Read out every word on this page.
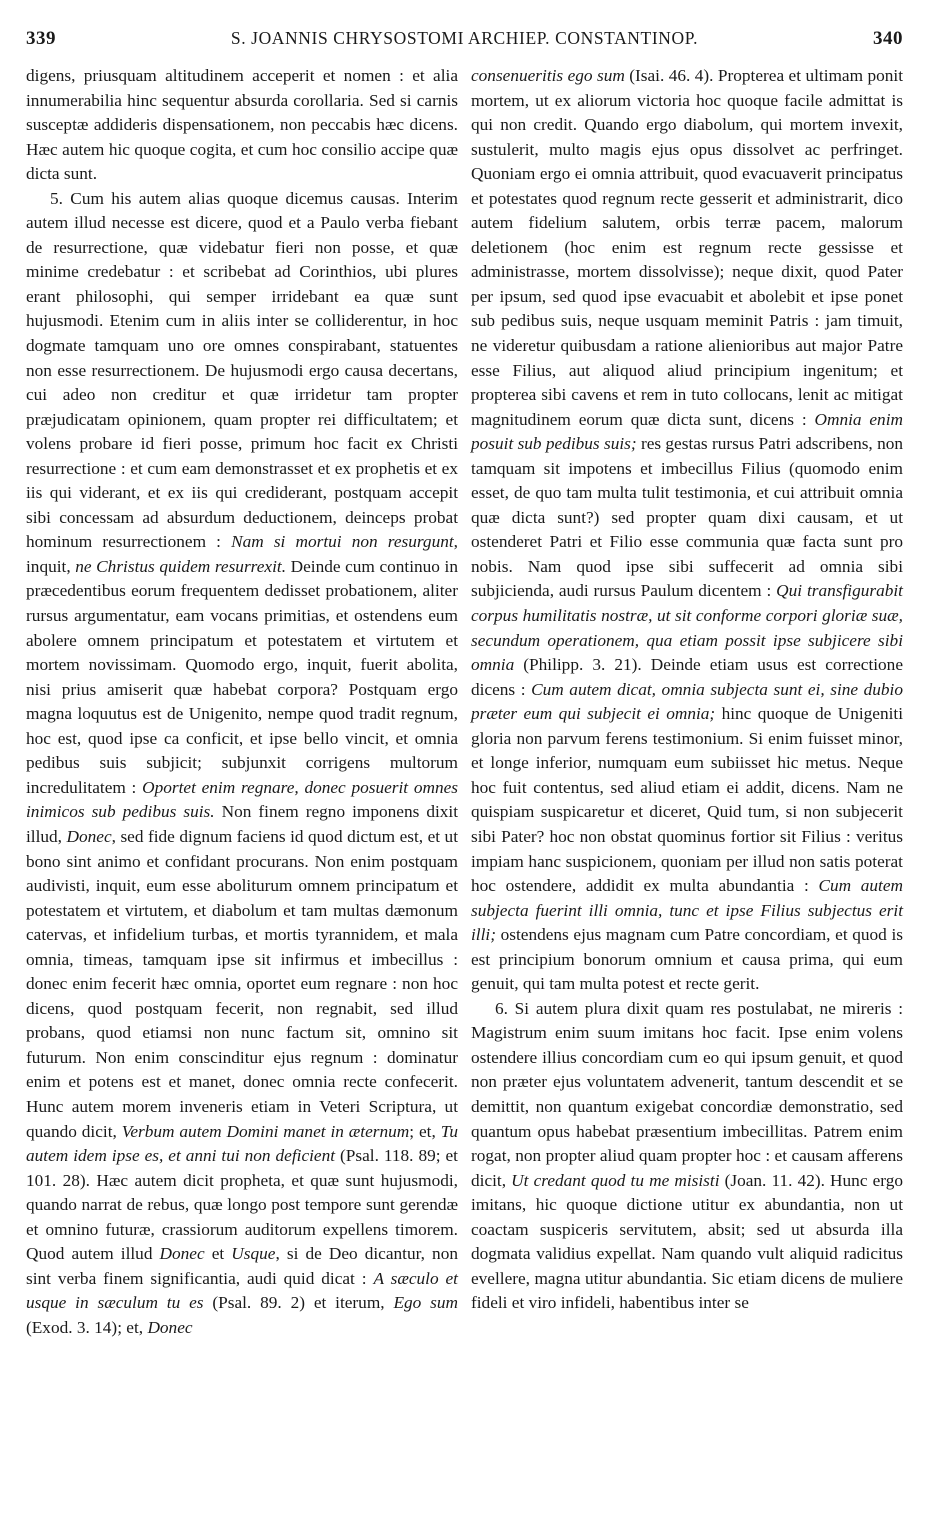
339	S. JOANNIS CHRYSOSTOMI ARCHIEP. CONSTANTINOP.	340

digens, priusquam altitudinem acceperit et nomen : et alia innumerabilia hinc sequentur absurda corollaria. Sed si carnis susceptæ addideris dispensationem, non peccabis hæc dicens. Hæc autem hic quoque cogita, et cum hoc consilio accipe quæ dicta sunt.

5. Cum his autem alias quoque dicemus causas. Interim autem illud necesse est dicere, quod et a Paulo verba fiebant de resurrectione, quæ videbatur fieri non posse, et quæ minime credebatur : et scribebat ad Corinthios, ubi plures erant philosophi, qui semper irridebant ea quæ sunt hujusmodi. Etenim cum in aliis inter se colliderentur, in hoc dogmate tamquam uno ore omnes conspirabant, statuentes non esse resurrectionem. De hujusmodi ergo causa decertans, cui adeo non creditur et quæ irridetur tam propter præjudicatam opinionem, quam propter rei difficultatem; et volens probare id fieri posse, primum hoc facit ex Christi resurrectione : et cum eam demonstrasset et ex prophetis et ex iis qui viderant, et ex iis qui crediderant, postquam accepit sibi concessam ad absurdum deductionem, deinceps probat hominum resurrectionem : Nam si mortui non resurgunt, inquit, ne Christus quidem resurrexit. Deinde cum continuo in præcedentibus eorum frequentem dedisset probationem, aliter rursus argumentatur, eam vocans primitias, et ostendens eum abolere omnem principatum et potestatem et virtutem et mortem novissimam. Quomodo ergo, inquit, fuerit abolita, nisi prius amiserit quæ habebat corpora? Postquam ergo magna loquutus est de Unigenito, nempe quod tradit regnum, hoc est, quod ipse ca conficit, et ipse bello vincit, et omnia pedibus suis subjicit; subjunxit corrigens multorum incredulitatem : Oportet enim regnare, donec posuerit omnes inimicos sub pedibus suis. Non finem regno imponens dixit illud, Donec, sed fide dignum faciens id quod dictum est, et ut bono sint animo et confidant procurans. Non enim postquam audivisti, inquit, eum esse aboliturum omnem principatum et potestatem et virtutem, et diabolum et tam multas dæmonum catervas, et infidelium turbas, et mortis tyrannidem, et mala omnia, timeas, tamquam ipse sit infirmus et imbecillus : donec enim fecerit hæc omnia, oportet eum regnare : non hoc dicens, quod postquam fecerit, non regnabit, sed illud probans, quod etiamsi non nunc factum sit, omnino sit futurum. Non enim conscinditur ejus regnum : dominatur enim et potens est et manet, donec omnia recte confecerit. Hunc autem morem inveneris etiam in Veteri Scriptura, ut quando dicit, Verbum autem Domini manet in æternum; et, Tu autem idem ipse es, et anni tui non deficient (Psal. 118. 89; et 101. 28). Hæc autem dicit propheta, et quæ sunt hujusmodi, quando narrat de rebus, quæ longo post tempore sunt gerendæ et omnino futuræ, crassiorum auditorum expellens timorem. Quod autem illud Donec et Usque, si de Deo dicantur, non sint verba finem significantia, audi quid dicat : A sæculo et usque in sæculum tu es (Psal. 89. 2) et iterum, Ego sum (Exod. 3. 14); et, Donec

consenueritis ego sum (Isai. 46. 4). Propterea et ultimam ponit mortem, ut ex aliorum victoria hoc quoque facile admittat is qui non credit. Quando ergo diabolum, qui mortem invexit, sustulerit, multo magis ejus opus dissolvet ac perfringet. Quoniam ergo ei omnia attribuit, quod evacuaverit principatus et potestates quod regnum recte gesserit et administrarit, dico autem fidelium salutem, orbis terræ pacem, malorum deletionem (hoc enim est regnum recte gessisse et administrasse, mortem dissolvisse); neque dixit, quod Pater per ipsum, sed quod ipse evacuabit et abolebit et ipse ponet sub pedibus suis, neque usquam meminit Patris : jam timuit, ne videretur quibusdam a ratione alienioribus aut major Patre esse Filius, aut aliquod aliud principium ingenitum; et propterea sibi cavens et rem in tuto collocans, lenit ac mitigat magnitudinem eorum quæ dicta sunt, dicens : Omnia enim posuit sub pedibus suis; res gestas rursus Patri adscribens, non tamquam sit impotens et imbecillus Filius (quomodo enim esset, de quo tam multa tulit testimonia, et cui attribuit omnia quæ dicta sunt?) sed propter quam dixi causam, et ut ostenderet Patri et Filio esse communia quæ facta sunt pro nobis. Nam quod ipse sibi suffecerit ad omnia sibi subjicienda, audi rursus Paulum dicentem : Qui transfigurabit corpus humilitatis nostræ, ut sit conforme corpori gloriæ suæ, secundum operationem, qua etiam possit ipse subjicere sibi omnia (Philipp. 3. 21). Deinde etiam usus est correctione dicens : Cum autem dicat, omnia subjecta sunt ei, sine dubio præter eum qui subjecit ei omnia; hinc quoque de Unigeniti gloria non parvum ferens testimonium. Si enim fuisset minor, et longe inferior, numquam eum subiisset hic metus. Neque hoc fuit contentus, sed aliud etiam ei addit, dicens. Nam ne quispiam suspicaretur et diceret, Quid tum, si non subjecerit sibi Pater? hoc non obstat quominus fortior sit Filius : veritus impiam hanc suspicionem, quoniam per illud non satis poterat hoc ostendere, addidit ex multa abundantia : Cum autem subjecta fuerint illi omnia, tunc et ipse Filius subjectus erit illi; ostendens ejus magnam cum Patre concordiam, et quod is est principium bonorum omnium et causa prima, qui eum genuit, qui tam multa potest et recte gerit.

6. Si autem plura dixit quam res postulabat, ne mireris : Magistrum enim suum imitans hoc facit. Ipse enim volens ostendere illius concordiam cum eo qui ipsum genuit, et quod non præter ejus voluntatem advenerit, tantum descendit et se demittit, non quantum exigebat concordiæ demonstratio, sed quantum opus habebat præsentium imbecillitas. Patrem enim rogat, non propter aliud quam propter hoc : et causam afferens dicit, Ut credant quod tu me misisti (Joan. 11. 42). Hunc ergo imitans, hic quoque dictione utitur ex abundantia, non ut coactam suspiceris servitutem, absit; sed ut absurda illa dogmata validius expellat. Nam quando vult aliquid radicitus evellere, magna utitur abundantia. Sic etiam dicens de muliere fideli et viro infideli, habentibus inter se
